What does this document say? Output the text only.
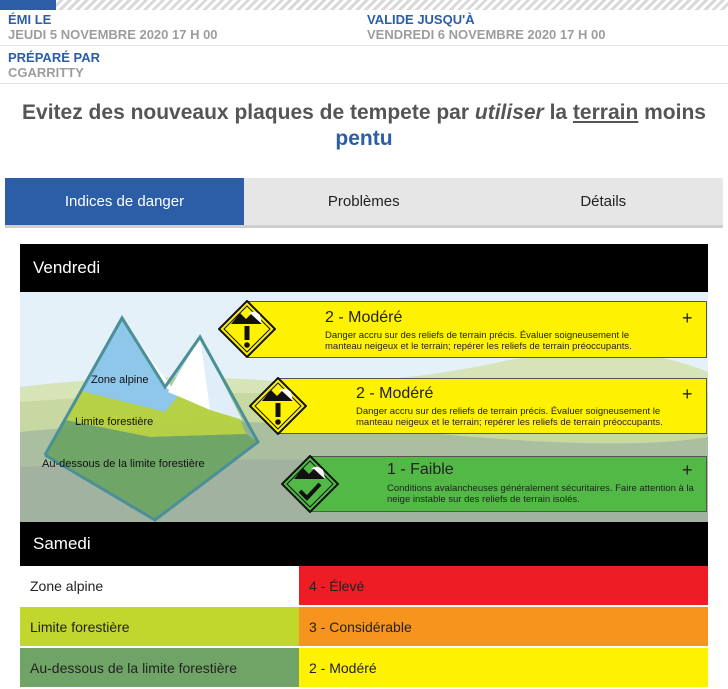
ÉMI LE
JEUDI 5 NOVEMBRE 2020 17 H 00
VALIDE JUSQU'À
VENDREDI 6 NOVEMBRE 2020 17 H 00
PRÉPARÉ PAR
CGARRITTY
Evitez des nouveaux plaques de tempete par utiliser la terrain moins pentu
Indices de danger	Problèmes	Détails
Vendredi
Zone alpine
Limite forestière
Au-dessous de la limite forestière
2 - Modéré	+
Danger accru sur des reliefs de terrain précis. Évaluer soigneusement le manteau neigeux et le terrain; repérer les reliefs de terrain préoccupants.
2 - Modéré	+
Danger accru sur des reliefs de terrain précis. Évaluer soigneusement le manteau neigeux et le terrain; repérer les reliefs de terrain préoccupants.
1 - Faible	+
Conditions avalancheuses généralement sécuritaires. Faire attention à la neige instable sur des reliefs de terrain isolés.
Samedi
Zone alpine	4 - Élevé
Limite forestière	3 - Considérable
Au-dessous de la limite forestière	2 - Modéré
